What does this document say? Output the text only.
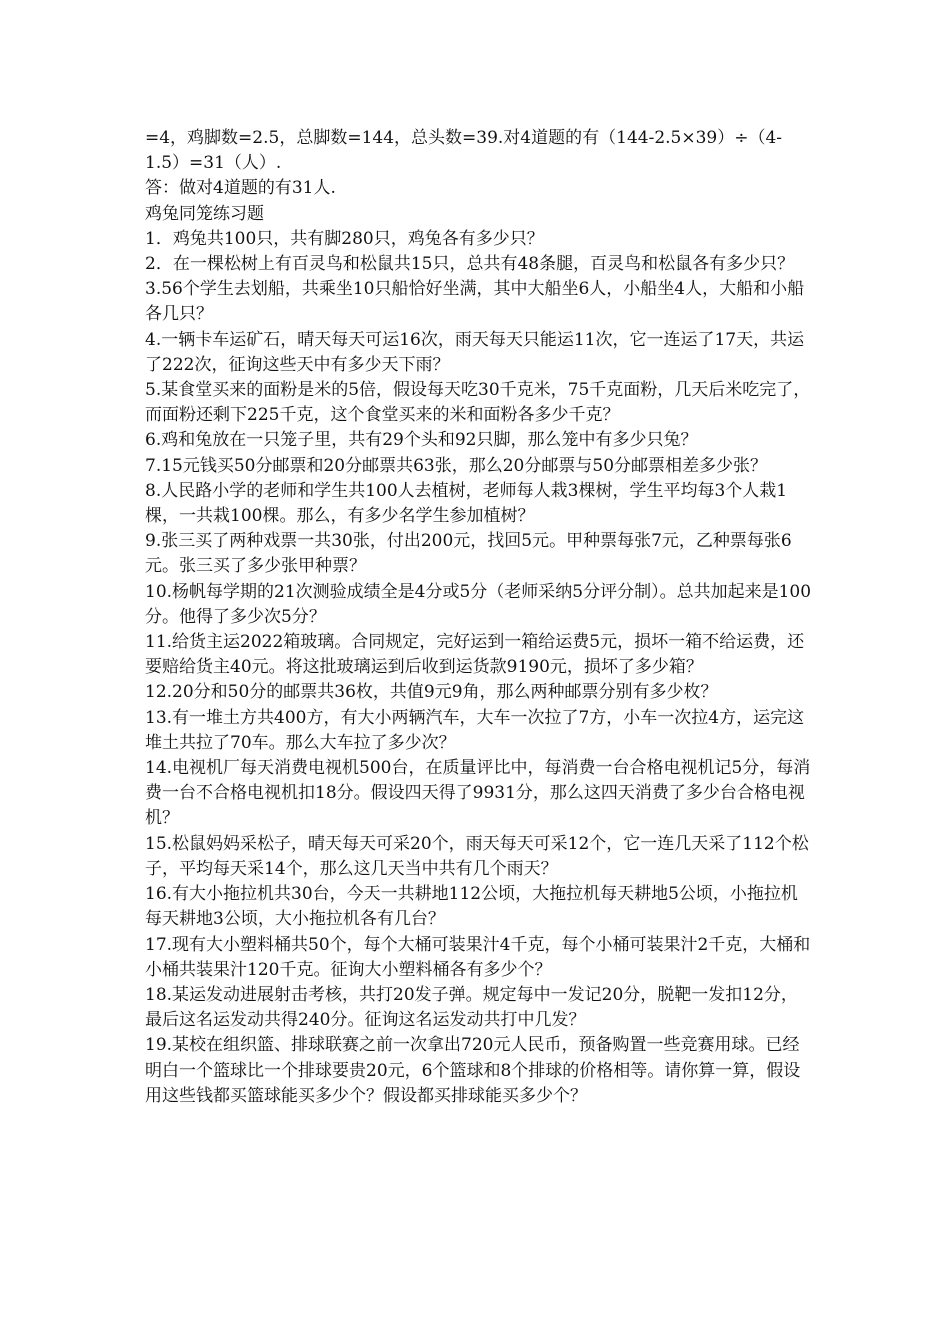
=4，鸡脚数=2.5，总脚数=144，总头数=39.对4道题的有（144-2.5×39）÷（4-1.5）=31（人）.

答：做对4道题的有31人.

鸡兔同笼练习题

1．鸡兔共100只，共有脚280只，鸡兔各有多少只？

2．在一棵松树上有百灵鸟和松鼠共15只，总共有48条腿，百灵鸟和松鼠各有多少只？

3.56个学生去划船，共乘坐10只船恰好坐满，其中大船坐6人，小船坐4人，大船和小船各几只？

4.一辆卡车运矿石，晴天每天可运16次，雨天每天只能运11次，它一连运了17天，共运了222次，征询这些天中有多少天下雨？

5.某食堂买来的面粉是米的5倍，假设每天吃30千克米，75千克面粉，几天后米吃完了，而面粉还剩下225千克，这个食堂买来的米和面粉各多少千克？

6.鸡和兔放在一只笼子里，共有29个头和92只脚，那么笼中有多少只兔？

7.15元钱买50分邮票和20分邮票共63张，那么20分邮票与50分邮票相差多少张？

8.人民路小学的老师和学生共100人去植树，老师每人栽3棵树，学生平均每3个人栽1棵，一共栽100棵。那么，有多少名学生参加植树？

9.张三买了两种戏票一共30张，付出200元，找回5元。甲种票每张7元，乙种票每张6元。张三买了多少张甲种票？

10.杨帆每学期的21次测验成绩全是4分或5分（老师采纳5分评分制）。总共加起来是100分。他得了多少次5分？

11.给货主运2022箱玻璃。合同规定，完好运到一箱给运费5元，损坏一箱不给运费，还要赔给货主40元。将这批玻璃运到后收到运货款9190元，损坏了多少箱？

12.20分和50分的邮票共36枚，共值9元9角，那么两种邮票分别有多少枚？

13.有一堆土方共400方，有大小两辆汽车，大车一次拉了7方，小车一次拉4方，运完这堆土共拉了70车。那么大车拉了多少次？

14.电视机厂每天消费电视机500台，在质量评比中，每消费一台合格电视机记5分，每消费一台不合格电视机扣18分。假设四天得了9931分，那么这四天消费了多少台合格电视机？

15.松鼠妈妈采松子，晴天每天可采20个，雨天每天可采12个，它一连几天采了112个松子，平均每天采14个，那么这几天当中共有几个雨天？

16.有大小拖拉机共30台，今天一共耕地112公顷，大拖拉机每天耕地5公顷，小拖拉机每天耕地3公顷，大小拖拉机各有几台？

17.现有大小塑料桶共50个，每个大桶可装果汁4千克，每个小桶可装果汁2千克，大桶和小桶共装果汁120千克。征询大小塑料桶各有多少个？

18.某运发动进展射击考核，共打20发子弹。规定每中一发记20分，脱靶一发扣12分，最后这名运发动共得240分。征询这名运发动共打中几发？

19.某校在组织篮、排球联赛之前一次拿出720元人民币，预备购置一些竞赛用球。已经明白一个篮球比一个排球要贵20元，6个篮球和8个排球的价格相等。请你算一算，假设用这些钱都买篮球能买多少个？假设都买排球能买多少个？
